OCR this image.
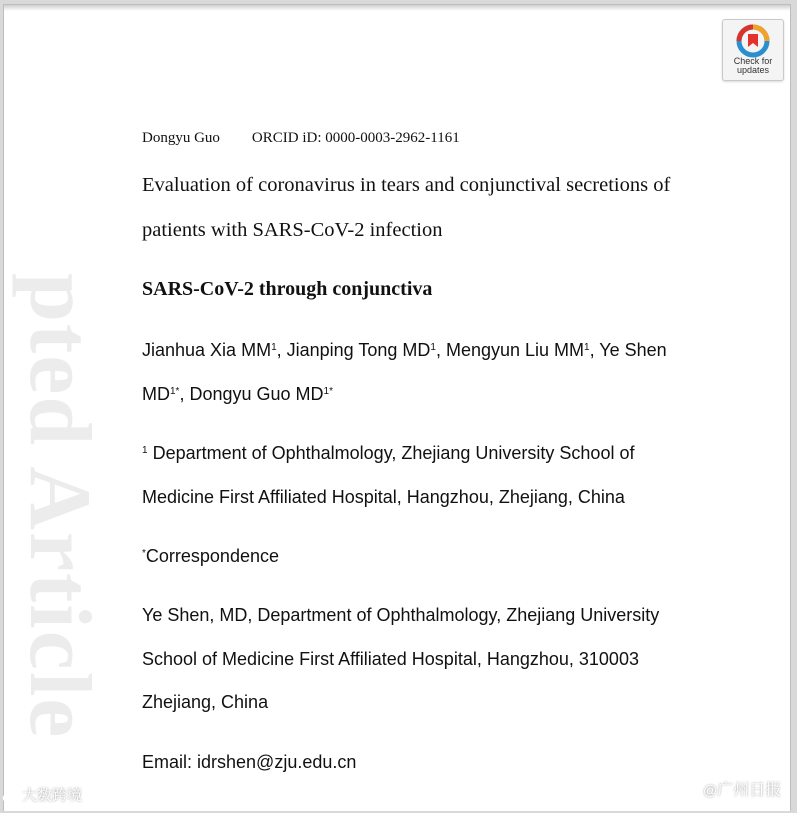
pted Article
Check for
updates
Dongyu Guo ORCID iD: 0000-0003-2962-1161
Evaluation of coronavirus in tears and conjunctival secretions of
patients with SARS-CoV-2 infection
SARS-CoV-2 through conjunctiva
Jianhua Xia $MM^1$, Jianping Tong $MD^1$, Mengyun Liu $MM^1$, Ye Shen
$MD^{1*}$, Dongyu Guo $MD^{1*}$
$^1$ Department of Ophthalmology, Zhejiang University School of
Medicine First Affiliated Hospital, Hangzhou, Zhejiang, China
*Correspondence
Ye Shen, MD, Department of Ophthalmology, Zhejiang University
School of Medicine First Affiliated Hospital, Hangzhou, 310003
Zhejiang, China
Email: idrshen@zju.edu.cn
大数跨境	@广州日报
